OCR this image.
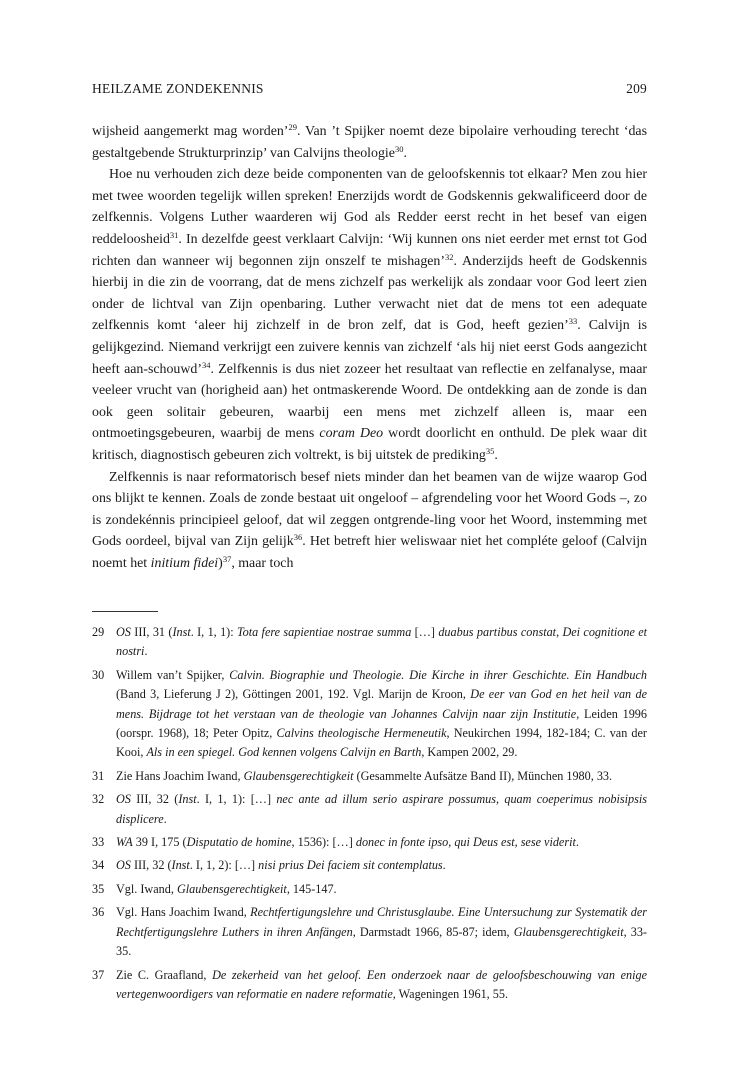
HEILZAME ZONDEKENNIS	209

wijsheid aangemerkt mag worden’$^{29}$. Van ’t Spijker noemt deze bipolaire verhouding terecht ‘das gestaltgebende Strukturprinzip’ van Calvijns theologie$^{30}$.

Hoe nu verhouden zich deze beide componenten van de geloofskennis tot elkaar? Men zou hier met twee woorden tegelijk willen spreken! Enerzijds wordt de Godskennis gekwalificeerd door de zelfkennis. Volgens Luther waarderen wij God als Redder eerst recht in het besef van eigen reddeloosheid$^{31}$. In dezelfde geest verklaart Calvijn: ‘Wij kunnen ons niet eerder met ernst tot God richten dan wanneer wij begonnen zijn onszelf te mishagen’$^{32}$. Anderzijds heeft de Godskennis hierbij in die zin de voorrang, dat de mens zichzelf pas werkelijk als zondaar voor God leert zien onder de lichtval van Zijn openbaring. Luther verwacht niet dat de mens tot een adequate zelfkennis komt ‘aleer hij zichzelf in de bron zelf, dat is God, heeft gezien’$^{33}$. Calvijn is gelijkgezind. Niemand verkrijgt een zuivere kennis van zichzelf ‘als hij niet eerst Gods aangezicht heeft aan-schouwd’$^{34}$. Zelfkennis is dus niet zozeer het resultaat van reflectie en zelfanalyse, maar veeleer vrucht van (horigheid aan) het ontmaskerende Woord. De ontdekking aan de zonde is dan ook geen solitair gebeuren, waarbij een mens met zichzelf alleen is, maar een ontmoetingsgebeuren, waarbij de mens coram Deo wordt doorlicht en onthuld. De plek waar dit kritisch, diagnostisch gebeuren zich voltrekt, is bij uitstek de prediking$^{35}$.

Zelfkennis is naar reformatorisch besef niets minder dan het beamen van de wijze waarop God ons blijkt te kennen. Zoals de zonde bestaat uit ongeloof – afgrendeling voor het Woord Gods –, zo is zondekénnis principieel geloof, dat wil zeggen ontgrende-ling voor het Woord, instemming met Gods oordeel, bijval van Zijn gelijk$^{36}$. Het betreft hier weliswaar niet het compléte geloof (Calvijn noemt het initium fidei)$^{37}$, maar toch

29 OS III, 31 (Inst. I, 1, 1): Tota fere sapientiae nostrae summa […] duabus partibus constat, Dei cognitione et nostri.
30 Willem van’t Spijker, Calvin. Biographie und Theologie. Die Kirche in ihrer Geschichte. Ein Handbuch (Band 3, Lieferung J 2), Göttingen 2001, 192. Vgl. Marijn de Kroon, De eer van God en het heil van de mens. Bijdrage tot het verstaan van de theologie van Johannes Calvijn naar zijn Institutie, Leiden 1996 (oorspr. 1968), 18; Peter Opitz, Calvins theologische Hermeneutik, Neukirchen 1994, 182-184; C. van der Kooi, Als in een spiegel. God kennen volgens Calvijn en Barth, Kampen 2002, 29.
31 Zie Hans Joachim Iwand, Glaubensgerechtigkeit (Gesammelte Aufsätze Band II), München 1980, 33.
32 OS III, 32 (Inst. I, 1, 1): […] nec ante ad illum serio aspirare possumus, quam coeperimus nobisipsis displicere.
33 WA 39 I, 175 (Disputatio de homine, 1536): […] donec in fonte ipso, qui Deus est, sese viderit.
34 OS III, 32 (Inst. I, 1, 2): […] nisi prius Dei faciem sit contemplatus.
35 Vgl. Iwand, Glaubensgerechtigkeit, 145-147.
36 Vgl. Hans Joachim Iwand, Rechtfertigungslehre und Christusglaube. Eine Untersuchung zur Systematik der Rechtfertigungslehre Luthers in ihren Anfängen, Darmstadt 1966, 85-87; idem, Glaubensgerechtigkeit, 33-35.
37 Zie C. Graafland, De zekerheid van het geloof. Een onderzoek naar de geloofsbeschouwing van enige vertegenwoordigers van reformatie en nadere reformatie, Wageningen 1961, 55.
